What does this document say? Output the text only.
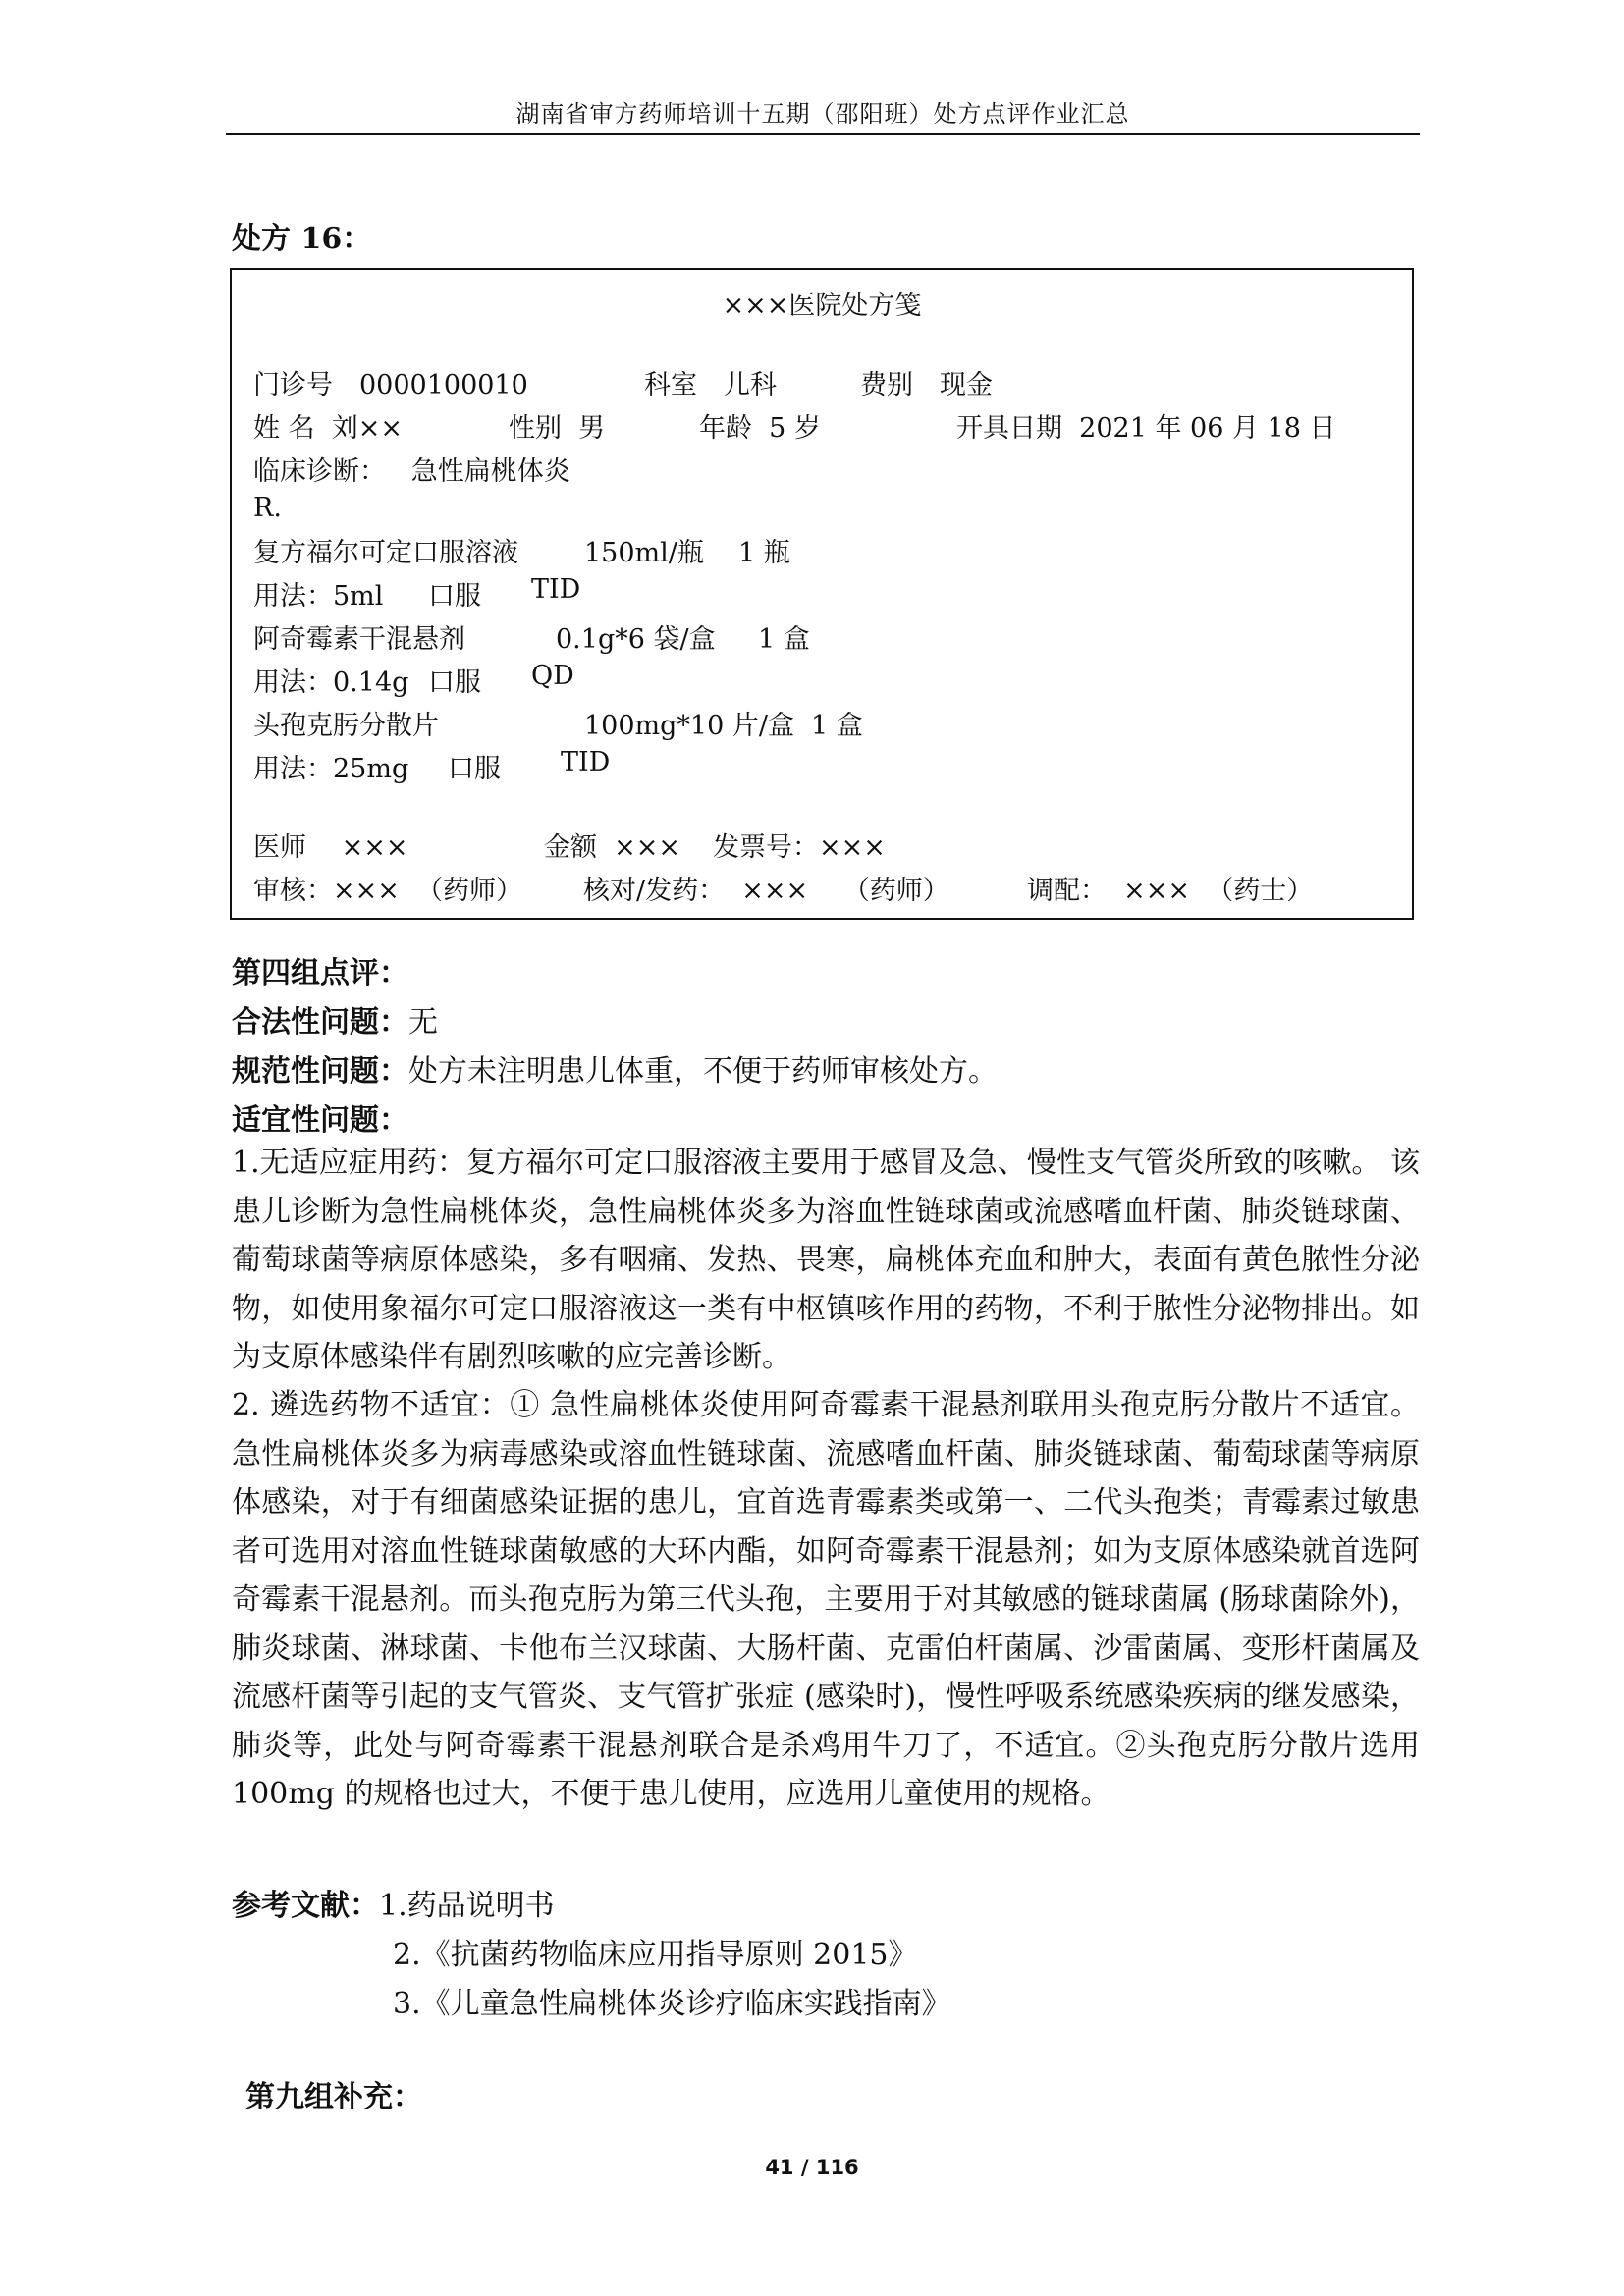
湖南省审方药师培训十五期（邵阳班）处方点评作业汇总
处方 16：
×××医院处方笺
门诊号　0000100010	科室　儿科	费别　现金
姓 名  刘××	性别  男	年龄  5 岁	开具日期  2021 年 06 月 18 日
临床诊断：   急性扁桃体炎
R.
复方福尔可定口服溶液 150ml/瓶 1 瓶
用法：5ml 口服 TID
阿奇霉素干混悬剂	0.1g*6 袋/盒 1 盒
用法：0.14g 口服 QD
头孢克肟分散片	100mg*10 片/盒 1 盒
用法：25mg 口服 TID
医师　 ×××	金额  ××× 发票号：×××
审核：×××  （药师） 核对/发药：  ×××　 （药师）	调配：  ×××  （药士）
第四组点评：
合法性问题：无
规范性问题：处方未注明患儿体重，不便于药师审核处方。
适宜性问题：
1.无适应症用药：复方福尔可定口服溶液主要用于感冒及急、慢性支气管炎所致的咳嗽。 该患儿诊断为急性扁桃体炎，急性扁桃体炎多为溶血性链球菌或流感嗜血杆菌、肺炎链球菌、葡萄球菌等病原体感染，多有咽痛、发热、畏寒，扁桃体充血和肿大，表面有黄色脓性分泌物，如使用象福尔可定口服溶液这一类有中枢镇咳作用的药物，不利于脓性分泌物排出。如为支原体感染伴有剧烈咳嗽的应完善诊断。
2. 遴选药物不适宜：① 急性扁桃体炎使用阿奇霉素干混悬剂联用头孢克肟分散片不适宜。急性扁桃体炎多为病毒感染或溶血性链球菌、流感嗜血杆菌、肺炎链球菌、葡萄球菌等病原体感染，对于有细菌感染证据的患儿，宜首选青霉素类或第一、二代头孢类；青霉素过敏患者可选用对溶血性链球菌敏感的大环内酯，如阿奇霉素干混悬剂；如为支原体感染就首选阿奇霉素干混悬剂。而头孢克肟为第三代头孢，主要用于对其敏感的链球菌属 (肠球菌除外)，肺炎球菌、淋球菌、卡他布兰汉球菌、大肠杆菌、克雷伯杆菌属、沙雷菌属、变形杆菌属及流感杆菌等引起的支气管炎、支气管扩张症 (感染时)，慢性呼吸系统感染疾病的继发感染，肺炎等，此处与阿奇霉素干混悬剂联合是杀鸡用牛刀了，不适宜。②头孢克肟分散片选用 100mg 的规格也过大，不便于患儿使用，应选用儿童使用的规格。
参考文献：1.药品说明书
2.《抗菌药物临床应用指导原则 2015》
3.《儿童急性扁桃体炎诊疗临床实践指南》
第九组补充：
41 / 116
